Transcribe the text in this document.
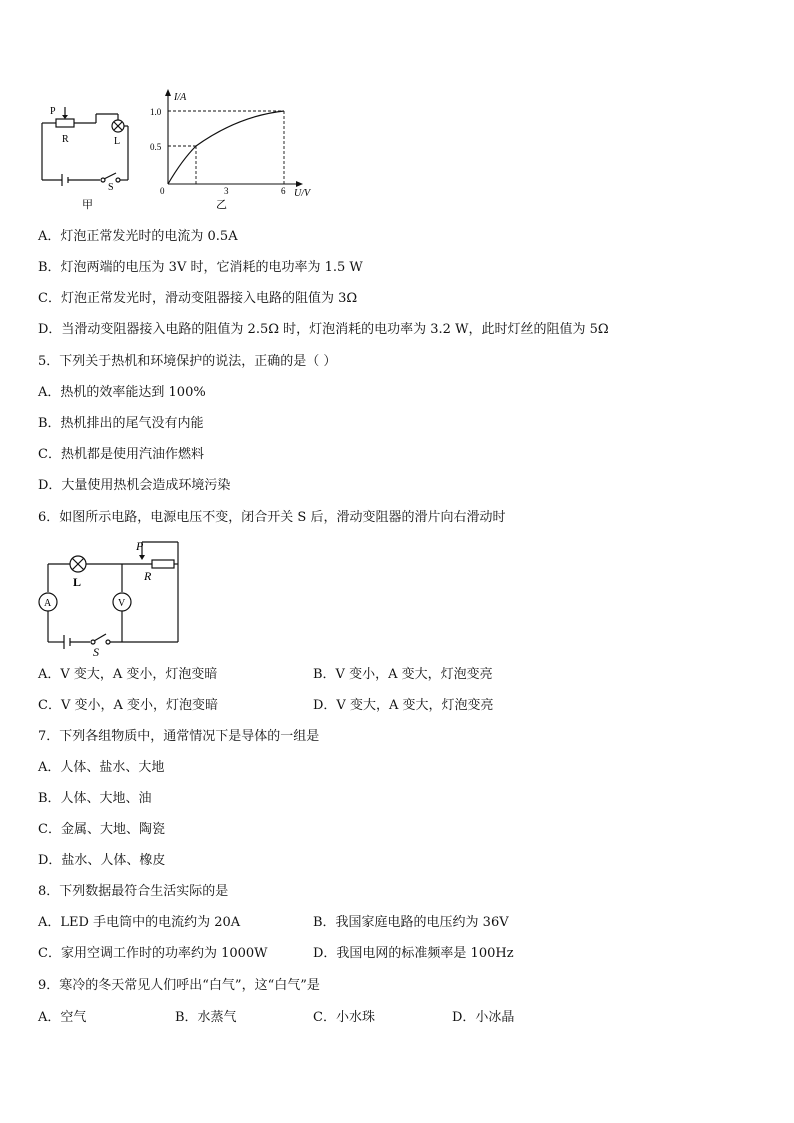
P
R	L
S
甲
I/A
1.0
0.5
0	3	6 U/V
乙
A．灯泡正常发光时的电流为 0.5A
B．灯泡两端的电压为 3V 时，它消耗的电功率为 1.5 W
C．灯泡正常发光时，滑动变阻器接入电路的阻值为 3Ω
D．当滑动变阻器接入电路的阻值为 2.5Ω 时，灯泡消耗的电功率为 3.2 W，此时灯丝的阻值为 5Ω
5．下列关于热机和环境保护的说法，正确的是（ ）
A．热机的效率能达到 100%
B．热机排出的尾气没有内能
C．热机都是使用汽油作燃料
D．大量使用热机会造成环境污染
6．如图所示电路，电源电压不变，闭合开关 S 后，滑动变阻器的滑片向右滑动时
P
R
L
A	V
S
A．V 变大，A 变小，灯泡变暗	B．V 变小，A 变大，灯泡变亮
C．V 变小，A 变小，灯泡变暗	D．V 变大，A 变大，灯泡变亮
7．下列各组物质中，通常情况下是导体的一组是
A．人体、盐水、大地
B．人体、大地、油
C．金属、大地、陶瓷
D．盐水、人体、橡皮
8．下列数据最符合生活实际的是
A．LED 手电筒中的电流约为 20A	B．我国家庭电路的电压约为 36V
C．家用空调工作时的功率约为 1000W	D．我国电网的标准频率是 100Hz
9．寒冷的冬天常见人们呼出“白气”，这“白气”是
A．空气	B．水蒸气	C．小水珠	D．小冰晶
